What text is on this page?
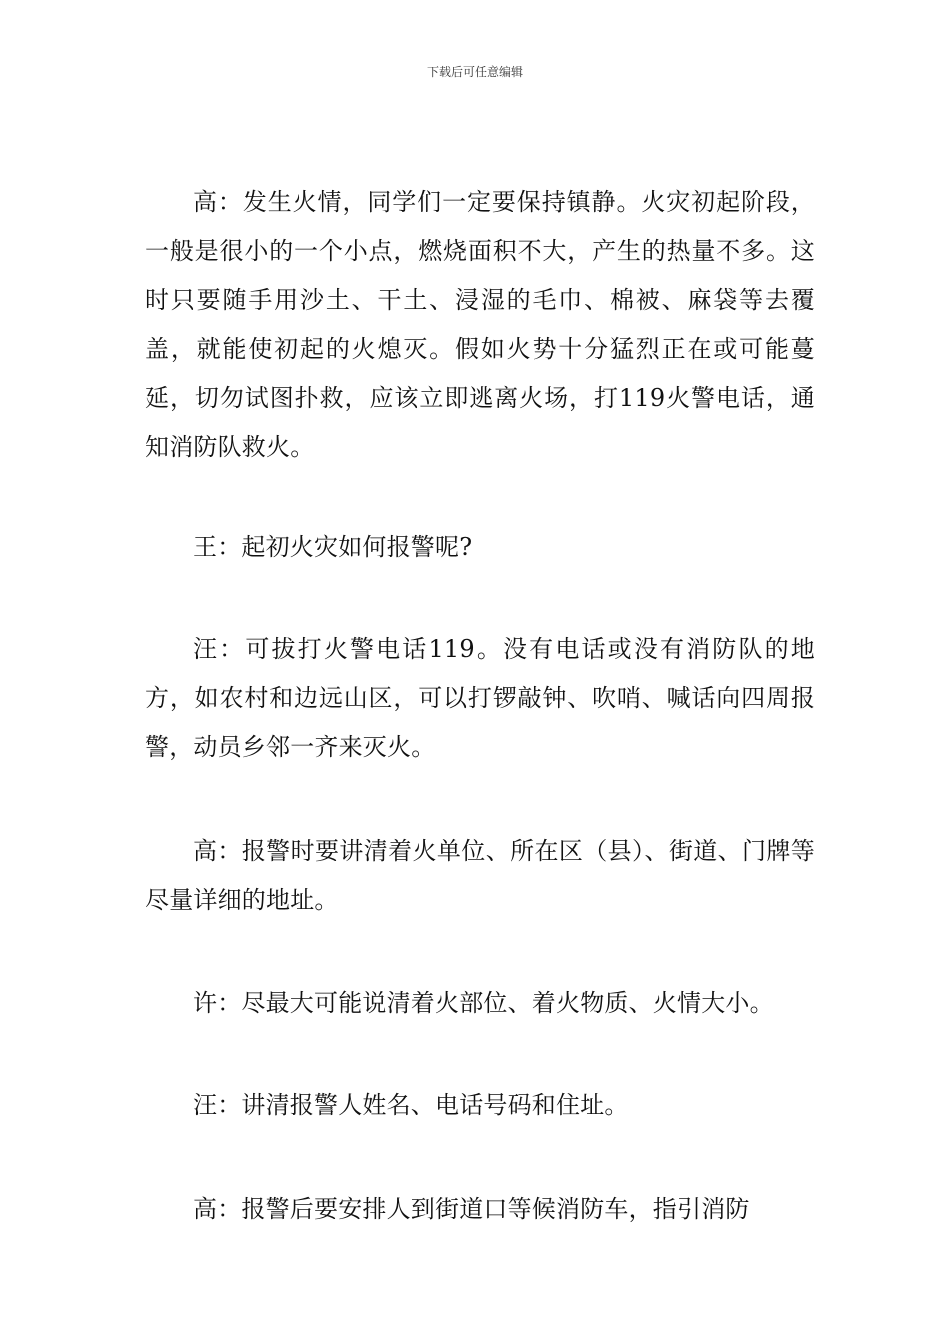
下载后可任意编辑

高：发生火情，同学们一定要保持镇静。火灾初起阶段，一般是很小的一个小点，燃烧面积不大，产生的热量不多。这时只要随手用沙土、干土、浸湿的毛巾、棉被、麻袋等去覆盖，就能使初起的火熄灭。假如火势十分猛烈正在或可能蔓延，切勿试图扑救，应该立即逃离火场，打119火警电话，通知消防队救火。

王：起初火灾如何报警呢?

汪：可拔打火警电话119。没有电话或没有消防队的地方，如农村和边远山区，可以打锣敲钟、吹哨、喊话向四周报警，动员乡邻一齐来灭火。

高：报警时要讲清着火单位、所在区（县）、街道、门牌等尽量详细的地址。

许：尽最大可能说清着火部位、着火物质、火情大小。

汪：讲清报警人姓名、电话号码和住址。

高：报警后要安排人到街道口等候消防车，指引消防
